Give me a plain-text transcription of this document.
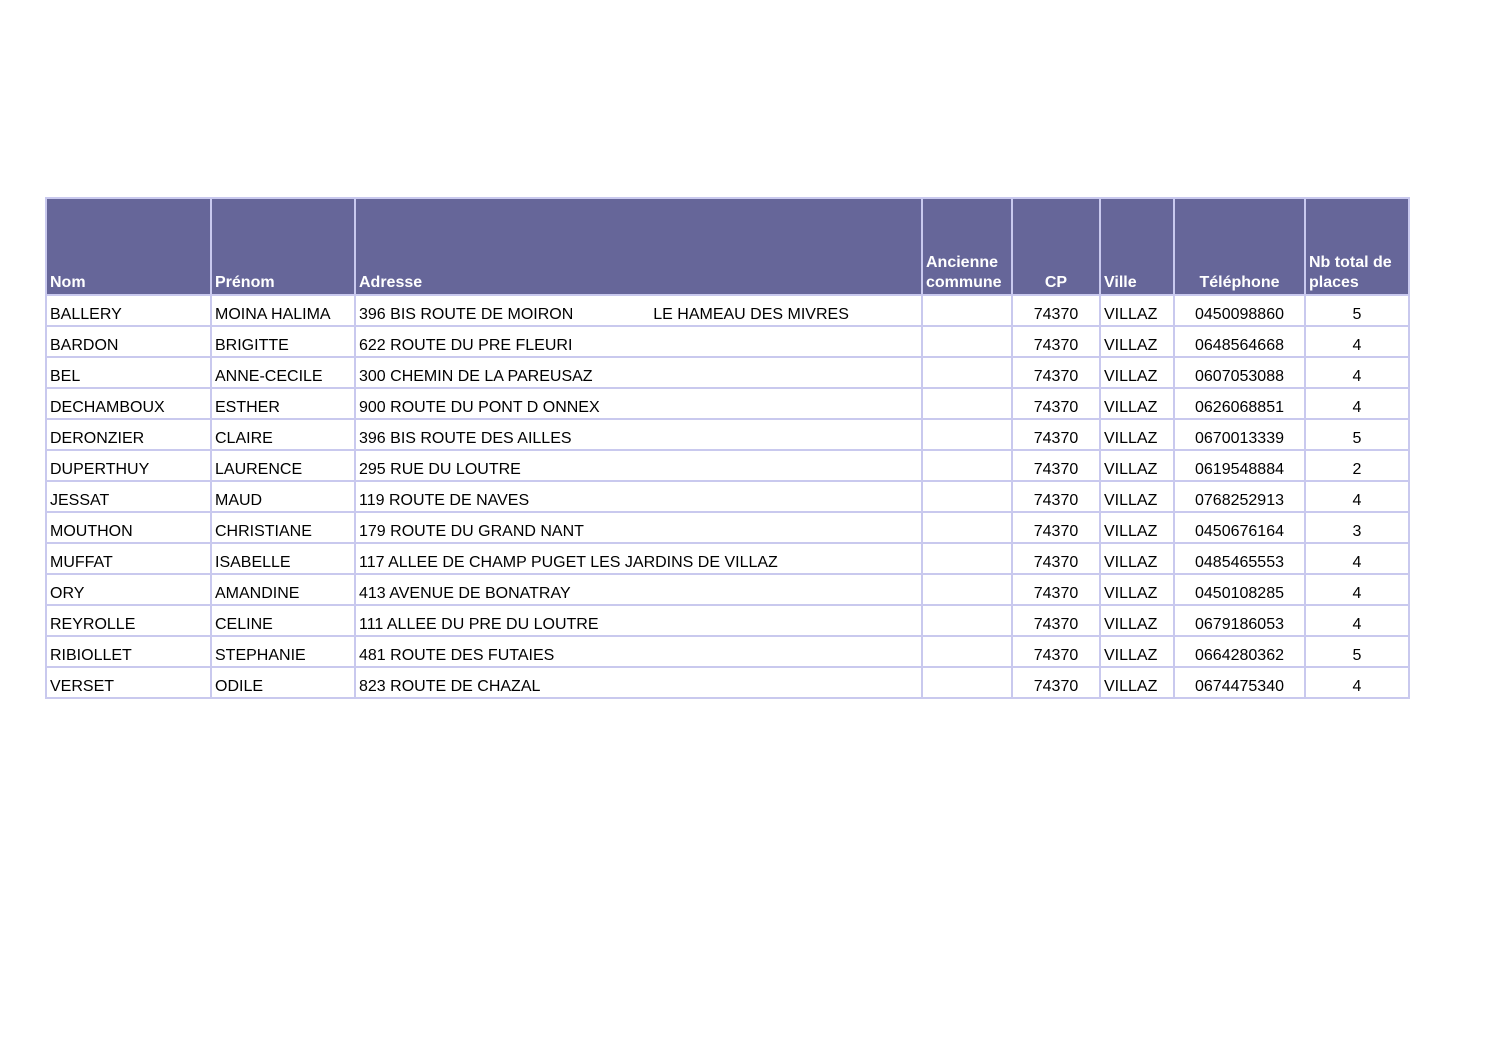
Nom	Prénom	Adresse	Ancienne commune	CP	Ville	Téléphone	Nb total de places
BALLERY	MOINA HALIMA	396 BIS ROUTE DE MOIRON LE HAMEAU DES MIVRES		74370	VILLAZ	0450098860	5
BARDON	BRIGITTE	622 ROUTE DU PRE FLEURI		74370	VILLAZ	0648564668	4
BEL	ANNE-CECILE	300 CHEMIN DE LA PAREUSAZ		74370	VILLAZ	0607053088	4
DECHAMBOUX	ESTHER	900 ROUTE DU PONT D ONNEX		74370	VILLAZ	0626068851	4
DERONZIER	CLAIRE	396 BIS ROUTE DES AILLES		74370	VILLAZ	0670013339	5
DUPERTHUY	LAURENCE	295 RUE DU LOUTRE		74370	VILLAZ	0619548884	2
JESSAT	MAUD	119 ROUTE DE NAVES		74370	VILLAZ	0768252913	4
MOUTHON	CHRISTIANE	179 ROUTE DU GRAND NANT		74370	VILLAZ	0450676164	3
MUFFAT	ISABELLE	117 ALLEE DE CHAMP PUGET LES JARDINS DE VILLAZ		74370	VILLAZ	0485465553	4
ORY	AMANDINE	413 AVENUE DE BONATRAY		74370	VILLAZ	0450108285	4
REYROLLE	CELINE	111 ALLEE DU PRE DU LOUTRE		74370	VILLAZ	0679186053	4
RIBIOLLET	STEPHANIE	481 ROUTE DES FUTAIES		74370	VILLAZ	0664280362	5
VERSET	ODILE	823 ROUTE DE CHAZAL		74370	VILLAZ	0674475340	4
